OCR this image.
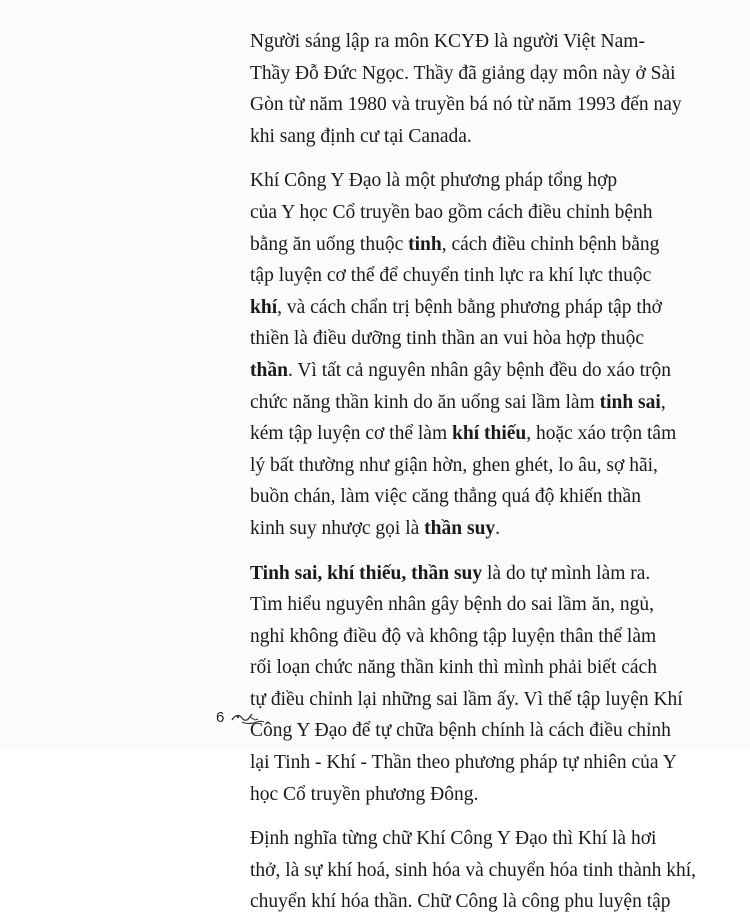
Người sáng lập ra môn KCYĐ là người Việt Nam-
Thầy Đỗ Đức Ngọc. Thầy đã giảng dạy môn này ở Sài
Gòn từ năm 1980 và truyền bá nó từ năm 1993 đến nay
khi sang định cư tại Canada.

Khí Công Y Đạo là một phương pháp tổng hợp
của Y học Cổ truyền bao gồm cách điều chỉnh bệnh
bằng ăn uống thuộc tinh, cách điều chỉnh bệnh bằng
tập luyện cơ thể để chuyển tinh lực ra khí lực thuộc
khí, và cách chẩn trị bệnh bằng phương pháp tập thở
thiền là điều dưỡng tinh thần an vui hòa hợp thuộc
thần. Vì tất cả nguyên nhân gây bệnh đều do xáo trộn
chức năng thần kinh do ăn uống sai lầm làm tinh sai,
kém tập luyện cơ thể làm khí thiếu, hoặc xáo trộn tâm
lý bất thường như giận hờn, ghen ghét, lo âu, sợ hãi,
buồn chán, làm việc căng thẳng quá độ khiến thần
kinh suy nhược gọi là thần suy.

Tinh sai, khí thiếu, thần suy là do tự mình làm ra.
Tìm hiểu nguyên nhân gây bệnh do sai lầm ăn, ngủ,
nghỉ không điều độ và không tập luyện thân thể làm
rối loạn chức năng thần kinh thì mình phải biết cách
tự điều chỉnh lại những sai lầm ấy. Vì thế tập luyện Khí
Công Y Đạo để tự chữa bệnh chính là cách điều chỉnh
lại Tinh - Khí - Thần theo phương pháp tự nhiên của Y
học Cổ truyền phương Đông.

Định nghĩa từng chữ Khí Công Y Đạo thì Khí là hơi
thở, là sự khí hoá, sinh hóa và chuyển hóa tinh thành khí,
chuyển khí hóa thần. Chữ Công là công phu luyện tập

6
